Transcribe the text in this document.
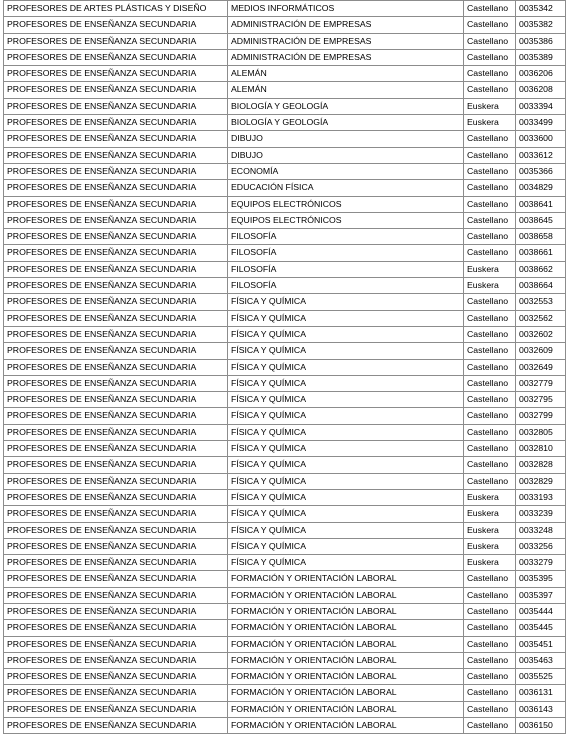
PROFESORES DE ARTES PLÁSTICAS Y DISEÑO	MEDIOS INFORMÁTICOS	Castellano	0035342
PROFESORES DE ENSEÑANZA SECUNDARIA	ADMINISTRACIÓN DE EMPRESAS	Castellano	0035382
PROFESORES DE ENSEÑANZA SECUNDARIA	ADMINISTRACIÓN DE EMPRESAS	Castellano	0035386
PROFESORES DE ENSEÑANZA SECUNDARIA	ADMINISTRACIÓN DE EMPRESAS	Castellano	0035389
PROFESORES DE ENSEÑANZA SECUNDARIA	ALEMÁN	Castellano	0036206
PROFESORES DE ENSEÑANZA SECUNDARIA	ALEMÁN	Castellano	0036208
PROFESORES DE ENSEÑANZA SECUNDARIA	BIOLOGÍA Y GEOLOGÍA	Euskera	0033394
PROFESORES DE ENSEÑANZA SECUNDARIA	BIOLOGÍA Y GEOLOGÍA	Euskera	0033499
PROFESORES DE ENSEÑANZA SECUNDARIA	DIBUJO	Castellano	0033600
PROFESORES DE ENSEÑANZA SECUNDARIA	DIBUJO	Castellano	0033612
PROFESORES DE ENSEÑANZA SECUNDARIA	ECONOMÍA	Castellano	0035366
PROFESORES DE ENSEÑANZA SECUNDARIA	EDUCACIÓN FÍSICA	Castellano	0034829
PROFESORES DE ENSEÑANZA SECUNDARIA	EQUIPOS ELECTRÓNICOS	Castellano	0038641
PROFESORES DE ENSEÑANZA SECUNDARIA	EQUIPOS ELECTRÓNICOS	Castellano	0038645
PROFESORES DE ENSEÑANZA SECUNDARIA	FILOSOFÍA	Castellano	0038658
PROFESORES DE ENSEÑANZA SECUNDARIA	FILOSOFÍA	Castellano	0038661
PROFESORES DE ENSEÑANZA SECUNDARIA	FILOSOFÍA	Euskera	0038662
PROFESORES DE ENSEÑANZA SECUNDARIA	FILOSOFÍA	Euskera	0038664
PROFESORES DE ENSEÑANZA SECUNDARIA	FÍSICA Y QUÍMICA	Castellano	0032553
PROFESORES DE ENSEÑANZA SECUNDARIA	FÍSICA Y QUÍMICA	Castellano	0032562
PROFESORES DE ENSEÑANZA SECUNDARIA	FÍSICA Y QUÍMICA	Castellano	0032602
PROFESORES DE ENSEÑANZA SECUNDARIA	FÍSICA Y QUÍMICA	Castellano	0032609
PROFESORES DE ENSEÑANZA SECUNDARIA	FÍSICA Y QUÍMICA	Castellano	0032649
PROFESORES DE ENSEÑANZA SECUNDARIA	FÍSICA Y QUÍMICA	Castellano	0032779
PROFESORES DE ENSEÑANZA SECUNDARIA	FÍSICA Y QUÍMICA	Castellano	0032795
PROFESORES DE ENSEÑANZA SECUNDARIA	FÍSICA Y QUÍMICA	Castellano	0032799
PROFESORES DE ENSEÑANZA SECUNDARIA	FÍSICA Y QUÍMICA	Castellano	0032805
PROFESORES DE ENSEÑANZA SECUNDARIA	FÍSICA Y QUÍMICA	Castellano	0032810
PROFESORES DE ENSEÑANZA SECUNDARIA	FÍSICA Y QUÍMICA	Castellano	0032828
PROFESORES DE ENSEÑANZA SECUNDARIA	FÍSICA Y QUÍMICA	Castellano	0032829
PROFESORES DE ENSEÑANZA SECUNDARIA	FÍSICA Y QUÍMICA	Euskera	0033193
PROFESORES DE ENSEÑANZA SECUNDARIA	FÍSICA Y QUÍMICA	Euskera	0033239
PROFESORES DE ENSEÑANZA SECUNDARIA	FÍSICA Y QUÍMICA	Euskera	0033248
PROFESORES DE ENSEÑANZA SECUNDARIA	FÍSICA Y QUÍMICA	Euskera	0033256
PROFESORES DE ENSEÑANZA SECUNDARIA	FÍSICA Y QUÍMICA	Euskera	0033279
PROFESORES DE ENSEÑANZA SECUNDARIA	FORMACIÓN Y ORIENTACIÓN LABORAL	Castellano	0035395
PROFESORES DE ENSEÑANZA SECUNDARIA	FORMACIÓN Y ORIENTACIÓN LABORAL	Castellano	0035397
PROFESORES DE ENSEÑANZA SECUNDARIA	FORMACIÓN Y ORIENTACIÓN LABORAL	Castellano	0035444
PROFESORES DE ENSEÑANZA SECUNDARIA	FORMACIÓN Y ORIENTACIÓN LABORAL	Castellano	0035445
PROFESORES DE ENSEÑANZA SECUNDARIA	FORMACIÓN Y ORIENTACIÓN LABORAL	Castellano	0035451
PROFESORES DE ENSEÑANZA SECUNDARIA	FORMACIÓN Y ORIENTACIÓN LABORAL	Castellano	0035463
PROFESORES DE ENSEÑANZA SECUNDARIA	FORMACIÓN Y ORIENTACIÓN LABORAL	Castellano	0035525
PROFESORES DE ENSEÑANZA SECUNDARIA	FORMACIÓN Y ORIENTACIÓN LABORAL	Castellano	0036131
PROFESORES DE ENSEÑANZA SECUNDARIA	FORMACIÓN Y ORIENTACIÓN LABORAL	Castellano	0036143
PROFESORES DE ENSEÑANZA SECUNDARIA	FORMACIÓN Y ORIENTACIÓN LABORAL	Castellano	0036150
